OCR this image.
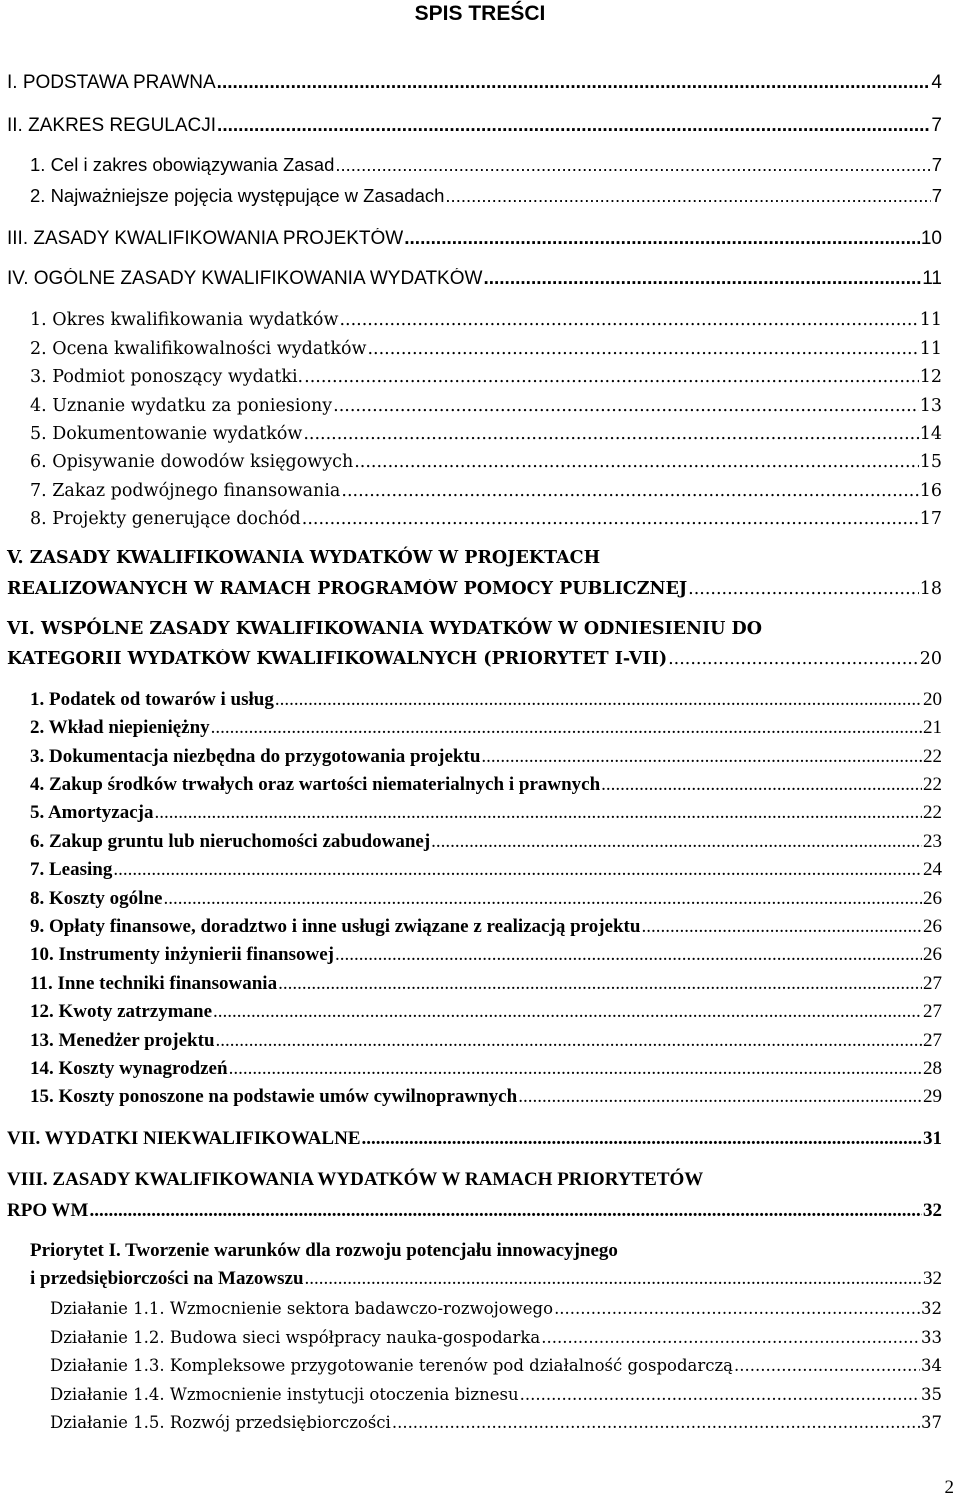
SPIS TREŚCI
I. PODSTAWA PRAWNA .....	4
II. ZAKRES REGULACJI .....	7
1. Cel i zakres obowiązywania Zasad .....	7
2. Najważniejsze pojęcia występujące w Zasadach .....	7
III. ZASADY KWALIFIKOWANIA PROJEKTÓW .....	10
IV. OGÓLNE ZASADY KWALIFIKOWANIA WYDATKÓW .....	11
1. Okres kwalifikowania wydatków .....	11
2. Ocena kwalifikowalności wydatków .....	11
3. Podmiot ponoszący wydatki. .....	12
4. Uznanie wydatku za poniesiony .....	13
5. Dokumentowanie wydatków .....	14
6. Opisywanie dowodów księgowych .....	15
7. Zakaz podwójnego finansowania .....	16
8. Projekty generujące dochód .....	17
V. ZASADY KWALIFIKOWANIA WYDATKÓW W PROJEKTACH
REALIZOWANYCH W RAMACH PROGRAMÓW POMOCY PUBLICZNEJ .....	18
VI. WSPÓLNE ZASADY KWALIFIKOWANIA WYDATKÓW W ODNIESIENIU DO
KATEGORII WYDATKÓW KWALIFIKOWALNYCH (PRIORYTET I-VII) .....	20
1. Podatek od towarów i usług .....	20
2. Wkład niepieniężny .....	21
3. Dokumentacja niezbędna do przygotowania projektu .....	22
4. Zakup środków trwałych oraz wartości niematerialnych i prawnych .....	22
5. Amortyzacja .....	22
6. Zakup gruntu lub nieruchomości zabudowanej .....	23
7. Leasing .....	24
8. Koszty ogólne .....	26
9. Opłaty finansowe, doradztwo i inne usługi związane z realizacją projektu .....	26
10. Instrumenty inżynierii finansowej .....	26
11. Inne techniki finansowania .....	27
12. Kwoty zatrzymane .....	27
13. Menedżer projektu .....	27
14. Koszty wynagrodzeń .....	28
15. Koszty ponoszone na podstawie umów cywilnoprawnych .....	29
VII. WYDATKI NIEKWALIFIKOWALNE .....	31
VIII. ZASADY KWALIFIKOWANIA WYDATKÓW W RAMACH PRIORYTETÓW
RPO WM .....	32
Priorytet I. Tworzenie warunków dla rozwoju potencjału innowacyjnego
i przedsiębiorczości na Mazowszu .....	32
Działanie 1.1. Wzmocnienie sektora badawczo-rozwojowego .....	32
Działanie 1.2. Budowa sieci współpracy nauka-gospodarka .....	33
Działanie 1.3. Kompleksowe przygotowanie terenów pod działalność gospodarczą .....	34
Działanie 1.4. Wzmocnienie instytucji otoczenia biznesu .....	35
Działanie 1.5. Rozwój przedsiębiorczości .....	37
2
